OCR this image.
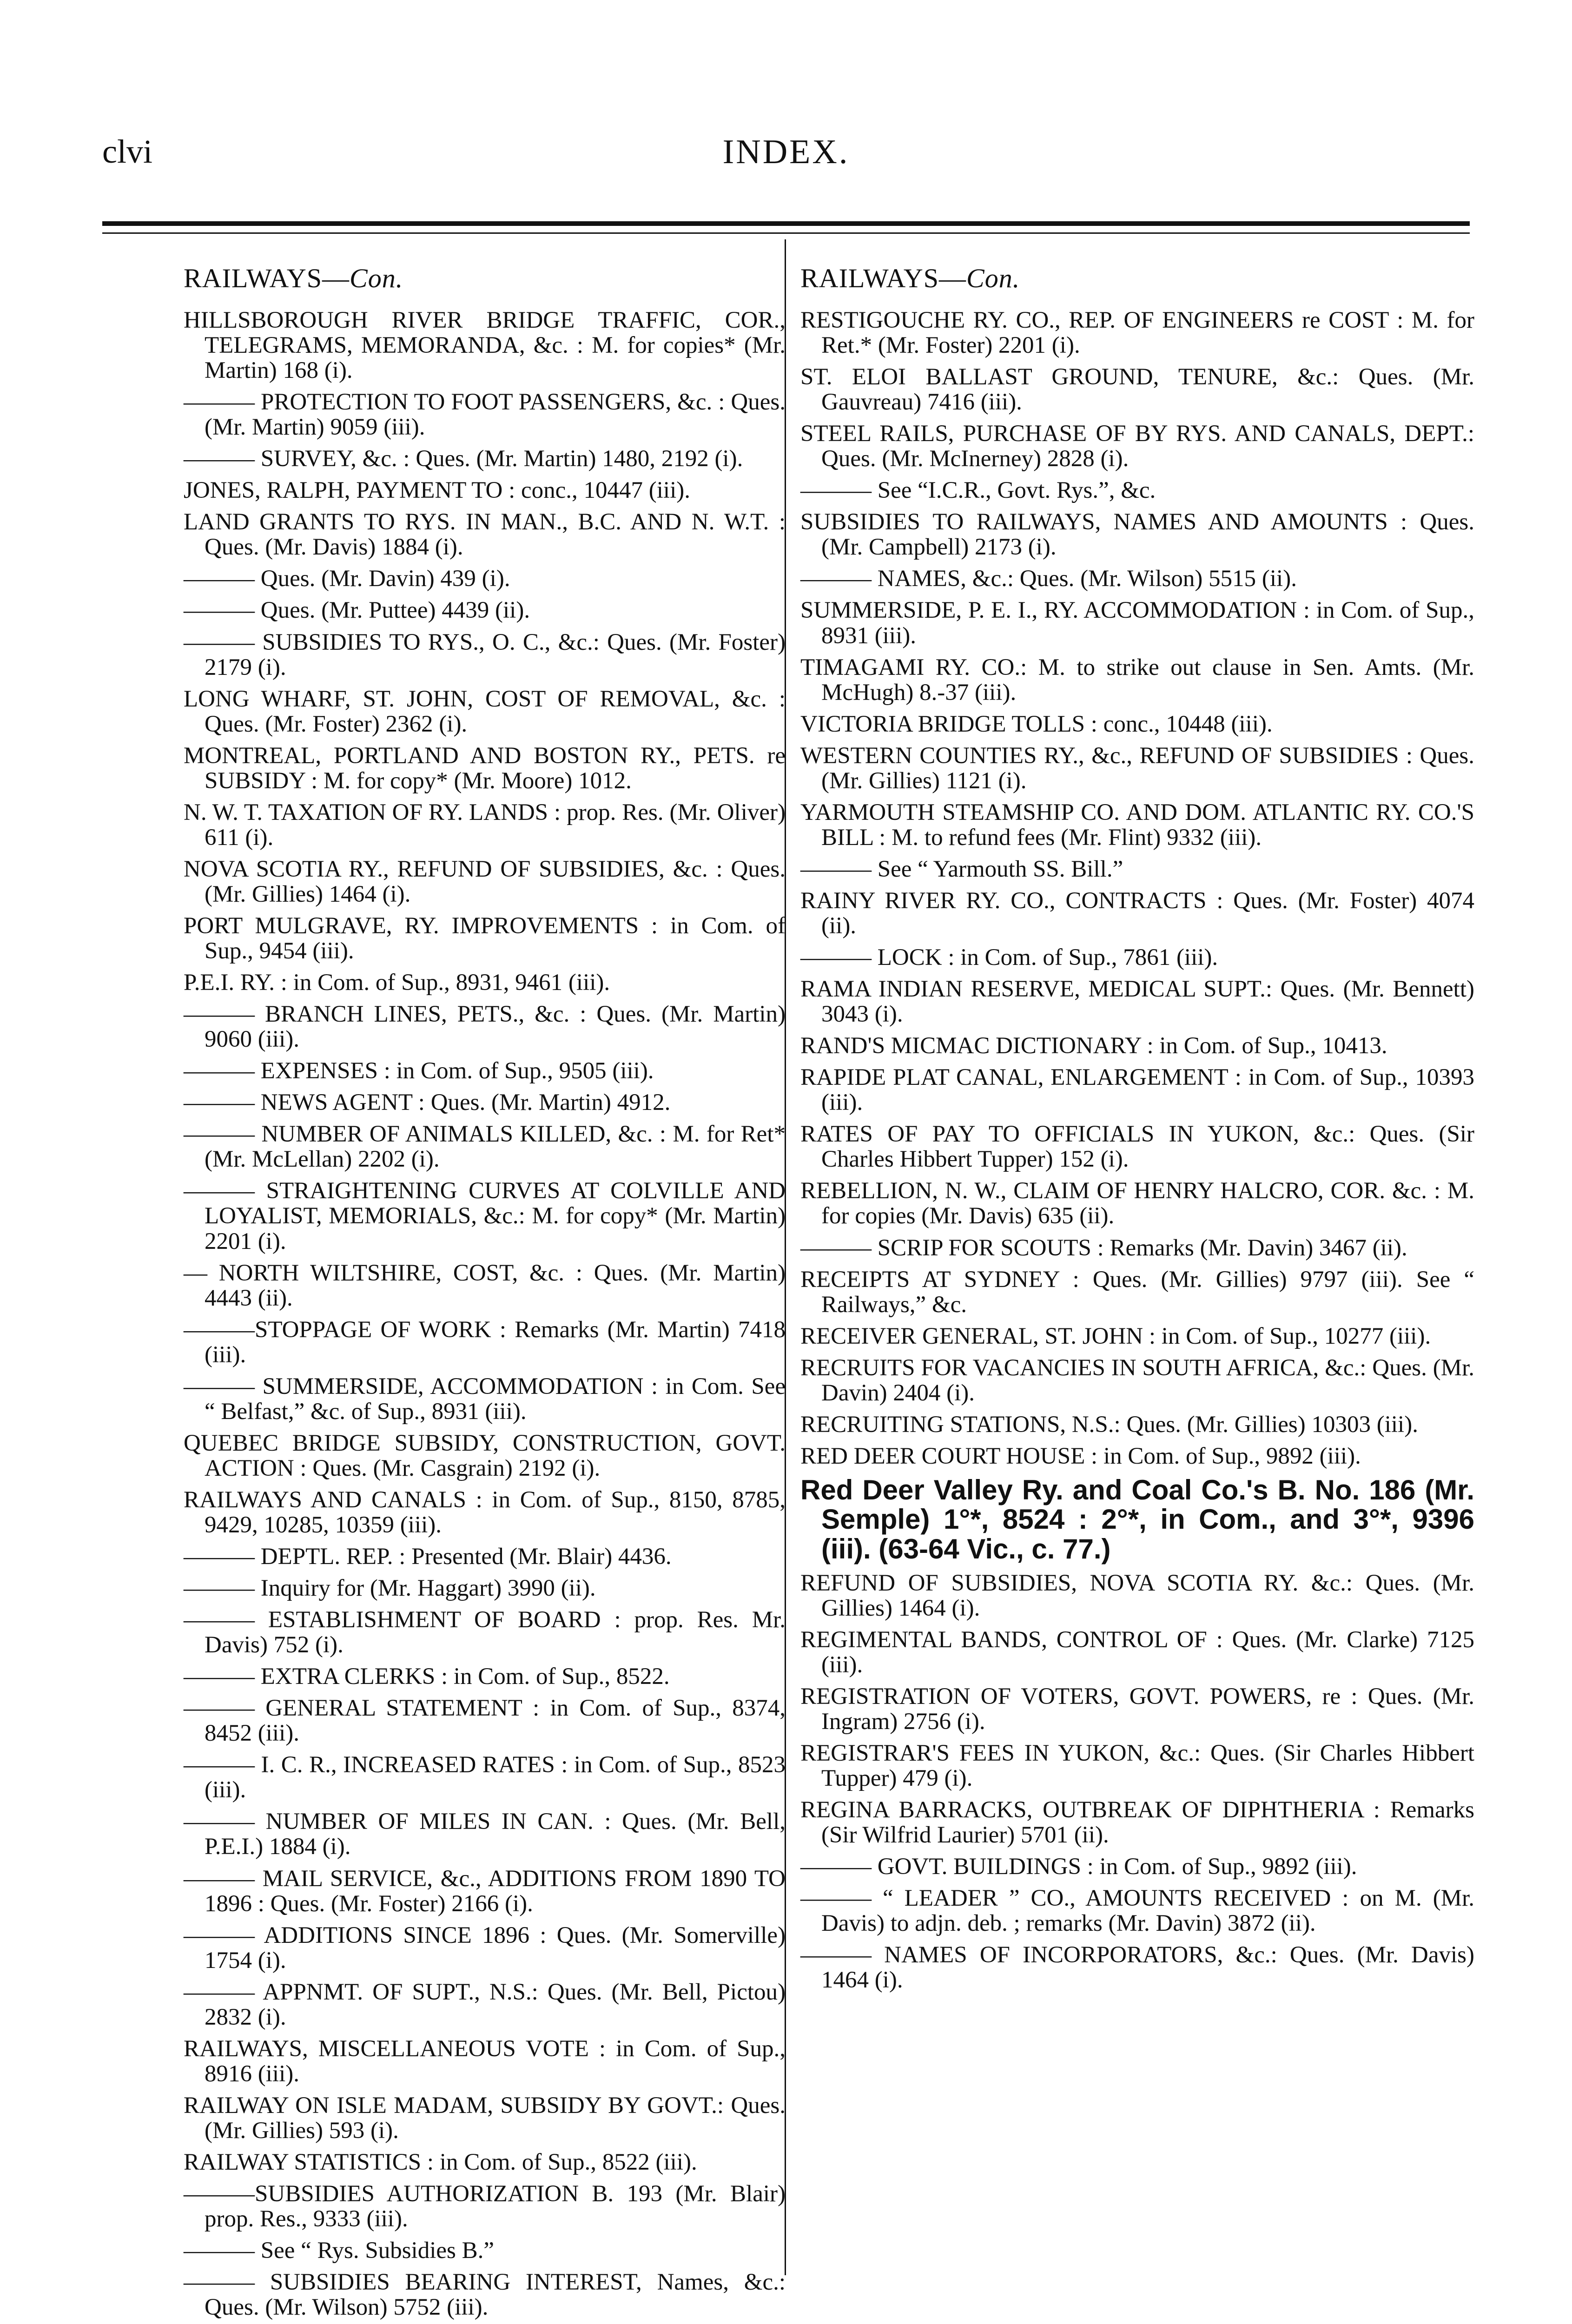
clvi	INDEX.
RAILWAYS—Con.
HILLSBOROUGH RIVER BRIDGE TRAFFIC, COR., TELEGRAMS, MEMORANDA, &c. : M. for copies* (Mr. Martin) 168 (i).
——— PROTECTION TO FOOT PASSENGERS, &c. : Ques. (Mr. Martin) 9059 (iii).
——— SURVEY, &c. : Ques. (Mr. Martin) 1480, 2192 (i).
JONES, RALPH, PAYMENT TO : conc., 10447 (iii).
LAND GRANTS TO RYS. IN MAN., B.C. AND N. W.T. : Ques. (Mr. Davis) 1884 (i).
——— Ques. (Mr. Davin) 439 (i).
——— Ques. (Mr. Puttee) 4439 (ii).
——— SUBSIDIES TO RYS., O. C., &c.: Ques. (Mr. Foster) 2179 (i).
LONG WHARF, ST. JOHN, COST OF REMOVAL, &c. : Ques. (Mr. Foster) 2362 (i).
MONTREAL, PORTLAND AND BOSTON RY., PETS. re SUBSIDY : M. for copy* (Mr. Moore) 1012.
N. W. T. TAXATION OF RY. LANDS : prop. Res. (Mr. Oliver) 611 (i).
NOVA SCOTIA RY., REFUND OF SUBSIDIES, &c. : Ques. (Mr. Gillies) 1464 (i).
PORT MULGRAVE, RY. IMPROVEMENTS : in Com. of Sup., 9454 (iii).
P.E.I. RY. : in Com. of Sup., 8931, 9461 (iii).
——— BRANCH LINES, PETS., &c. : Ques. (Mr. Martin) 9060 (iii).
——— EXPENSES : in Com. of Sup., 9505 (iii).
——— NEWS AGENT : Ques. (Mr. Martin) 4912.
——— NUMBER OF ANIMALS KILLED, &c. : M. for Ret* (Mr. McLellan) 2202 (i).
——— STRAIGHTENING CURVES AT COLVILLE AND LOYALIST, MEMORIALS, &c.: M. for copy* (Mr. Martin) 2201 (i).
— NORTH WILTSHIRE, COST, &c. : Ques. (Mr. Martin) 4443 (ii).
———STOPPAGE OF WORK : Remarks (Mr. Martin) 7418 (iii).
——— SUMMERSIDE, ACCOMMODATION : in Com. See “ Belfast,” &c. of Sup., 8931 (iii).
QUEBEC BRIDGE SUBSIDY, CONSTRUCTION, GOVT. ACTION : Ques. (Mr. Casgrain) 2192 (i).
RAILWAYS AND CANALS : in Com. of Sup., 8150, 8785, 9429, 10285, 10359 (iii).
——— DEPTL. REP. : Presented (Mr. Blair) 4436.
——— Inquiry for (Mr. Haggart) 3990 (ii).
——— ESTABLISHMENT OF BOARD : prop. Res. Mr. Davis) 752 (i).
——— EXTRA CLERKS : in Com. of Sup., 8522.
——— GENERAL STATEMENT : in Com. of Sup., 8374, 8452 (iii).
——— I. C. R., INCREASED RATES : in Com. of Sup., 8523 (iii).
——— NUMBER OF MILES IN CAN. : Ques. (Mr. Bell, P.E.I.) 1884 (i).
——— MAIL SERVICE, &c., ADDITIONS FROM 1890 TO 1896 : Ques. (Mr. Foster) 2166 (i).
——— ADDITIONS SINCE 1896 : Ques. (Mr. Somerville) 1754 (i).
——— APPNMT. OF SUPT., N.S.: Ques. (Mr. Bell, Pictou) 2832 (i).
RAILWAYS, MISCELLANEOUS VOTE : in Com. of Sup., 8916 (iii).
RAILWAY ON ISLE MADAM, SUBSIDY BY GOVT.: Ques. (Mr. Gillies) 593 (i).
RAILWAY STATISTICS : in Com. of Sup., 8522 (iii).
———SUBSIDIES AUTHORIZATION B. 193 (Mr. Blair) prop. Res., 9333 (iii).
——— See “ Rys. Subsidies B.”
——— SUBSIDIES BEARING INTEREST, Names, &c.: Ques. (Mr. Wilson) 5752 (iii).
RAILWAYS—Con.
RESTIGOUCHE RY. CO., REP. OF ENGINEERS re COST : M. for Ret.* (Mr. Foster) 2201 (i).
ST. ELOI BALLAST GROUND, TENURE, &c.: Ques. (Mr. Gauvreau) 7416 (iii).
STEEL RAILS, PURCHASE OF BY RYS. AND CANALS, DEPT.: Ques. (Mr. McInerney) 2828 (i).
——— See “I.C.R., Govt. Rys.”, &c.
SUBSIDIES TO RAILWAYS, NAMES AND AMOUNTS : Ques. (Mr. Campbell) 2173 (i).
——— NAMES, &c.: Ques. (Mr. Wilson) 5515 (ii).
SUMMERSIDE, P. E. I., RY. ACCOMMODATION : in Com. of Sup., 8931 (iii).
TIMAGAMI RY. CO.: M. to strike out clause in Sen. Amts. (Mr. McHugh) 8.-37 (iii).
VICTORIA BRIDGE TOLLS : conc., 10448 (iii).
WESTERN COUNTIES RY., &c., REFUND OF SUBSIDIES : Ques. (Mr. Gillies) 1121 (i).
YARMOUTH STEAMSHIP CO. AND DOM. ATLANTIC RY. CO.'S BILL : M. to refund fees (Mr. Flint) 9332 (iii).
——— See “ Yarmouth SS. Bill.”
RAINY RIVER RY. CO., CONTRACTS : Ques. (Mr. Foster) 4074 (ii).
——— LOCK : in Com. of Sup., 7861 (iii).
RAMA INDIAN RESERVE, MEDICAL SUPT.: Ques. (Mr. Bennett) 3043 (i).
RAND'S MICMAC DICTIONARY : in Com. of Sup., 10413.
RAPIDE PLAT CANAL, ENLARGEMENT : in Com. of Sup., 10393 (iii).
RATES OF PAY TO OFFICIALS IN YUKON, &c.: Ques. (Sir Charles Hibbert Tupper) 152 (i).
REBELLION, N. W., CLAIM OF HENRY HALCRO, COR. &c. : M. for copies (Mr. Davis) 635 (ii).
——— SCRIP FOR SCOUTS : Remarks (Mr. Davin) 3467 (ii).
RECEIPTS AT SYDNEY : Ques. (Mr. Gillies) 9797 (iii). See “ Railways,” &c.
RECEIVER GENERAL, ST. JOHN : in Com. of Sup., 10277 (iii).
RECRUITS FOR VACANCIES IN SOUTH AFRICA, &c.: Ques. (Mr. Davin) 2404 (i).
RECRUITING STATIONS, N.S.: Ques. (Mr. Gillies) 10303 (iii).
RED DEER COURT HOUSE : in Com. of Sup., 9892 (iii).
Red Deer Valley Ry. and Coal Co.'s B. No. 186 (Mr. Semple) 1°*, 8524 : 2°*, in Com., and 3°*, 9396 (iii). (63-64 Vic., c. 77.)
REFUND OF SUBSIDIES, NOVA SCOTIA RY. &c.: Ques. (Mr. Gillies) 1464 (i).
REGIMENTAL BANDS, CONTROL OF : Ques. (Mr. Clarke) 7125 (iii).
REGISTRATION OF VOTERS, GOVT. POWERS, re : Ques. (Mr. Ingram) 2756 (i).
REGISTRAR'S FEES IN YUKON, &c.: Ques. (Sir Charles Hibbert Tupper) 479 (i).
REGINA BARRACKS, OUTBREAK OF DIPHTHERIA : Remarks (Sir Wilfrid Laurier) 5701 (ii).
——— GOVT. BUILDINGS : in Com. of Sup., 9892 (iii).
——— “ LEADER ” CO., AMOUNTS RECEIVED : on M. (Mr. Davis) to adjn. deb. ; remarks (Mr. Davin) 3872 (ii).
——— NAMES OF INCORPORATORS, &c.: Ques. (Mr. Davis) 1464 (i).
